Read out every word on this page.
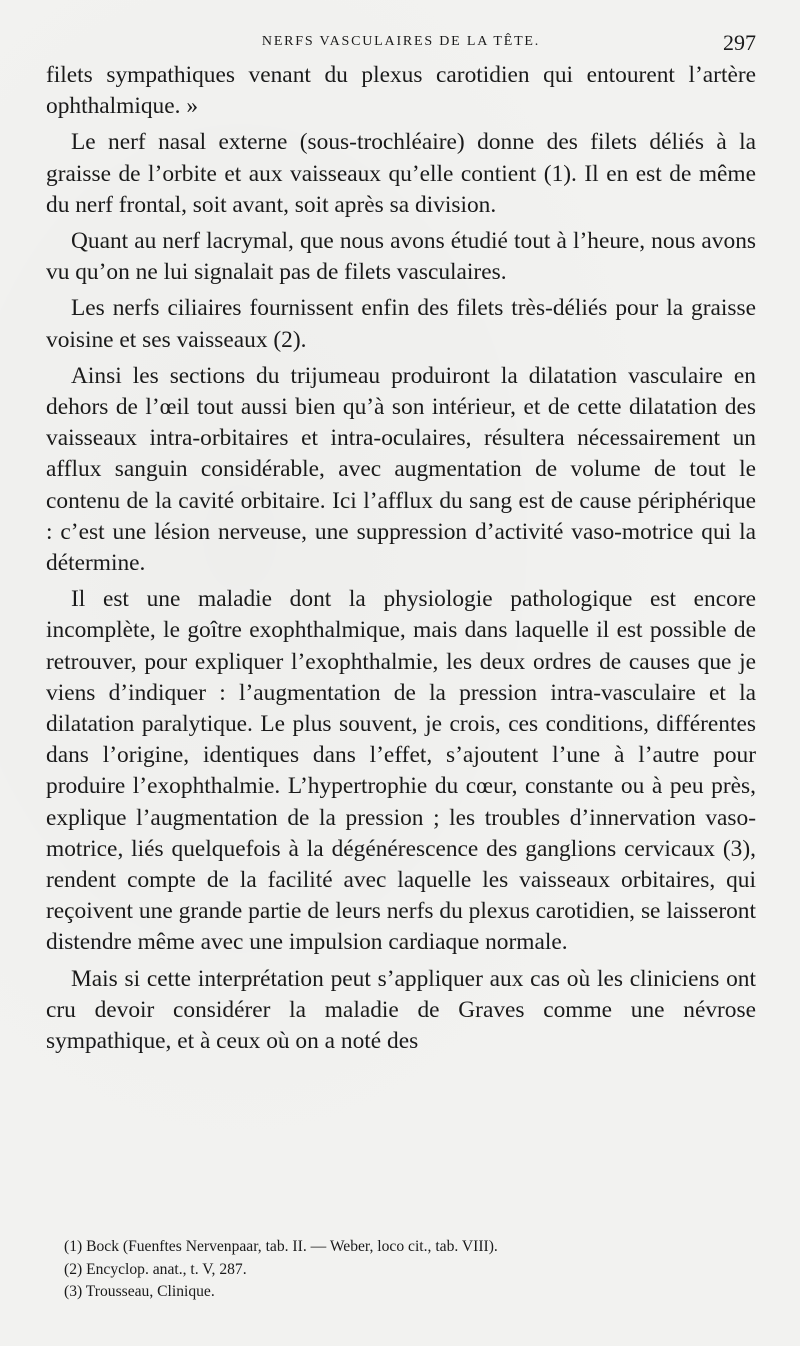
NERFS VASCULAIRES DE LA TÊTE.	297

filets sympathiques venant du plexus carotidien qui entourent l’artère ophthalmique. »

Le nerf nasal externe (sous-trochléaire) donne des filets déliés à la graisse de l’orbite et aux vaisseaux qu’elle contient (1). Il en est de même du nerf frontal, soit avant, soit après sa division.

Quant au nerf lacrymal, que nous avons étudié tout à l’heure, nous avons vu qu’on ne lui signalait pas de filets vasculaires.

Les nerfs ciliaires fournissent enfin des filets très-déliés pour la graisse voisine et ses vaisseaux (2).

Ainsi les sections du trijumeau produiront la dilatation vasculaire en dehors de l’œil tout aussi bien qu’à son intérieur, et de cette dilatation des vaisseaux intra-orbitaires et intra-oculaires, résultera nécessairement un afflux sanguin considérable, avec augmentation de volume de tout le contenu de la cavité orbitaire. Ici l’afflux du sang est de cause périphérique : c’est une lésion nerveuse, une suppression d’activité vaso-motrice qui la détermine.

Il est une maladie dont la physiologie pathologique est encore incomplète, le goître exophthalmique, mais dans laquelle il est possible de retrouver, pour expliquer l’exophthalmie, les deux ordres de causes que je viens d’indiquer : l’augmentation de la pression intra-vasculaire et la dilatation paralytique. Le plus souvent, je crois, ces conditions, différentes dans l’origine, identiques dans l’effet, s’ajoutent l’une à l’autre pour produire l’exophthalmie. L’hypertrophie du cœur, constante ou à peu près, explique l’augmentation de la pression ; les troubles d’innervation vaso-motrice, liés quelquefois à la dégénérescence des ganglions cervicaux (3), rendent compte de la facilité avec laquelle les vaisseaux orbitaires, qui reçoivent une grande partie de leurs nerfs du plexus carotidien, se laisseront distendre même avec une impulsion cardiaque normale.

Mais si cette interprétation peut s’appliquer aux cas où les cliniciens ont cru devoir considérer la maladie de Graves comme une névrose sympathique, et à ceux où on a noté des

(1) Bock (Fuenftes Nervenpaar, tab. II. — Weber, loco cit., tab. VIII).

(2) Encyclop. anat., t. V, 287.

(3) Trousseau, Clinique.
